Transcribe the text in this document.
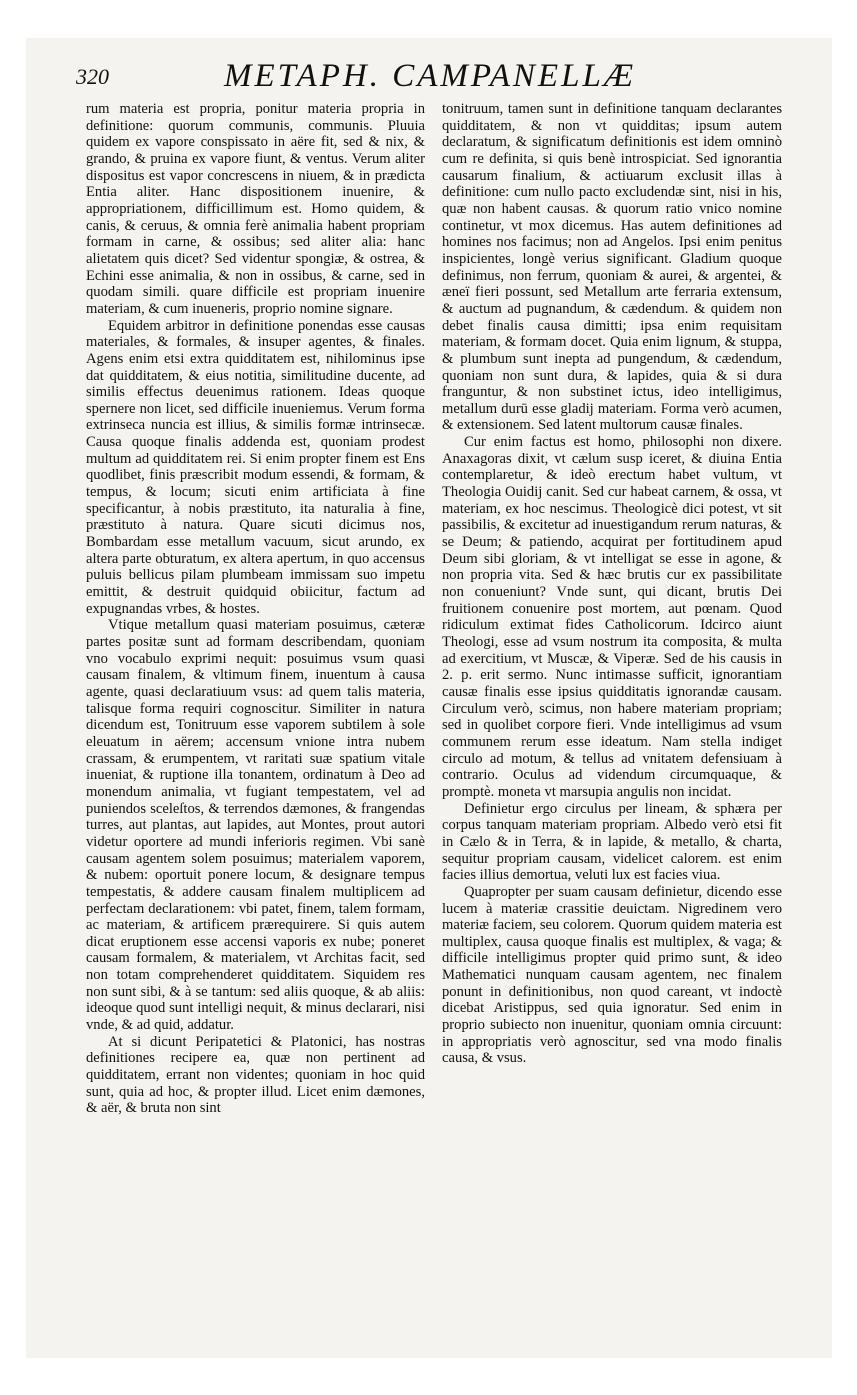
320	METAPH. CAMPANELLÆ

rum materia est propria, ponitur materia propria in definitione: quorum communis, communis. Pluuia quidem ex vapore conspissato in aëre fit, sed & nix, & grando, & pruina ex vapore fiunt, & ventus. Verum aliter dispositus est vapor concrescens in niuem, & in prædicta Entia aliter. Hanc dispositionem inuenire, & appropriationem, difficillimum est. Homo quidem, & canis, & ceruus, & omnia ferè animalia habent propriam formam in carne, & ossibus; sed aliter alia: hanc alietatem quis dicet? Sed videntur spongiæ, & ostrea, & Echini esse animalia, & non in ossibus, & carne, sed in quodam simili. quare difficile est propriam inuenire materiam, & cum inueneris, proprio nomine signare.

Equidem arbitror in definitione ponendas esse causas materiales, & formales, & insuper agentes, & finales. Agens enim etsi extra quidditatem est, nihilominus ipse dat quidditatem, & eius notitia, similitudine ducente, ad similis effectus deuenimus rationem. Ideas quoque spernere non licet, sed difficile inueniemus. Verum forma extrinseca nuncia est illius, & similis formæ intrinsecæ. Causa quoque finalis addenda est, quoniam prodest multum ad quidditatem rei. Si enim propter finem est Ens quodlibet, finis præscribit modum essendi, & formam, & tempus, & locum; sicuti enim artificiata à fine specificantur, à nobis præstituto, ita naturalia à fine, præstituto à natura. Quare sicuti dicimus nos, Bombardam esse metallum vacuum, sicut arundo, ex altera parte obturatum, ex altera apertum, in quo accensus puluis bellicus pilam plumbeam immissam suo impetu emittit, & destruit quidquid obiicitur, factum ad expugnandas vrbes, & hostes.

Vtique metallum quasi materiam posuimus, cæteræ partes positæ sunt ad formam describendam, quoniam vno vocabulo exprimi nequit: posuimus vsum quasi causam finalem, & vltimum finem, inuentum à causa agente, quasi declaratiuum vsus: ad quem talis materia, talisque forma requiri cognoscitur. Similiter in natura dicendum est, Tonitruum esse vaporem subtilem à sole eleuatum in aërem; accensum vnione intra nubem crassam, & erumpentem, vt raritati suæ spatium vitale inueniat, & ruptione illa tonantem, ordinatum à Deo ad monendum animalia, vt fugiant tempestatem, vel ad puniendos sceleſtos, & terrendos dæmones, & frangendas turres, aut plantas, aut lapides, aut Montes, prout autori videtur oportere ad mundi inferioris regimen. Vbi sanè causam agentem solem posuimus; materialem vaporem, & nubem: oportuit ponere locum, & designare tempus tempestatis, & addere causam finalem multiplicem ad perfectam declarationem: vbi patet, finem, talem formam, ac materiam, & artificem prærequirere. Si quis autem dicat eruptionem esse accensi vaporis ex nube; poneret causam formalem, & materialem, vt Architas facit, sed non totam comprehenderet quidditatem. Siquidem res non sunt sibi, & à se tantum: sed aliis quoque, & ab aliis: ideoque quod sunt intelligi nequit, & minus declarari, nisi vnde, & ad quid, addatur.

At si dicunt Peripatetici & Platonici, has nostras definitiones recipere ea, quæ non pertinent ad quidditatem, errant non videntes; quoniam in hoc quid sunt, quia ad hoc, & propter illud. Licet enim dæmones, & aër, & bruta non sint

tonitruum, tamen sunt in definitione tanquam declarantes quidditatem, & non vt quidditas; ipsum autem declaratum, & significatum definitionis est idem omninò cum re definita, si quis benè introspiciat. Sed ignorantia causarum finalium, & actiuarum exclusit illas à definitione: cum nullo pacto excludendæ sint, nisi in his, quæ non habent causas. & quorum ratio vnico nomine continetur, vt mox dicemus. Has autem definitiones ad homines nos facimus; non ad Angelos. Ipsi enim penitus inspicientes, longè verius significant. Gladium quoque definimus, non ferrum, quoniam & aurei, & argentei, & æneï fieri possunt, sed Metallum arte ferraria extensum, & auctum ad pugnandum, & cædendum. & quidem non debet finalis causa dimitti; ipsa enim requisitam materiam, & formam docet. Quia enim lignum, & stuppa, & plumbum sunt inepta ad pungendum, & cædendum, quoniam non sunt dura, & lapides, quia & si dura franguntur, & non substinet ictus, ideo intelligimus, metallum durū esse gladij materiam. Forma verò acumen, & extensionem. Sed latent multorum causæ finales.

Cur enim factus est homo, philosophi non dixere. Anaxagoras dixit, vt cælum susp iceret, & diuina Entia contemplaretur, & ideò erectum habet vultum, vt Theologia Ouidij canit. Sed cur habeat carnem, & ossa, vt materiam, ex hoc nescimus. Theologicè dici potest, vt sit passibilis, & excitetur ad inuestigandum rerum naturas, & se Deum; & patiendo, acquirat per fortitudinem apud Deum sibi gloriam, & vt intelligat se esse in agone, & non propria vita. Sed & hæc brutis cur ex passibilitate non conueniunt? Vnde sunt, qui dicant, brutis Dei fruitionem conuenire post mortem, aut pœnam. Quod ridiculum extimat fides Catholicorum. Idcirco aiunt Theologi, esse ad vsum nostrum ita composita, & multa ad exercitium, vt Muscæ, & Viperæ. Sed de his causis in 2. p. erit sermo. Nunc intimasse sufficit, ignorantiam causæ finalis esse ipsius quidditatis ignorandæ causam. Circulum verò, scimus, non habere materiam propriam; sed in quolibet corpore fieri. Vnde intelligimus ad vsum communem rerum esse ideatum. Nam stella indiget circulo ad motum, & tellus ad vnitatem defensiuam à contrario. Oculus ad videndum circumquaque, & promptè. moneta vt marsupia angulis non incidat.

Definietur ergo circulus per lineam, & sphæra per corpus tanquam materiam propriam. Albedo verò etsi fit in Cælo & in Terra, & in lapide, & metallo, & charta, sequitur propriam causam, videlicet calorem. est enim facies illius demortua, veluti lux est facies viua.

Quapropter per suam causam definietur, dicendo esse lucem à materiæ crassitie deuictam. Nigredinem vero materiæ faciem, seu colorem. Quorum quidem materia est multiplex, causa quoque finalis est multiplex, & vaga; & difficile intelligimus propter quid primo sunt, & ideo Mathematici nunquam causam agentem, nec finalem ponunt in definitionibus, non quod careant, vt indoctè dicebat Aristippus, sed quia ignoratur. Sed enim in proprio subiecto non inuenitur, quoniam omnia circuunt: in appropriatis verò agnoscitur, sed vna modo finalis causa, & vsus.
